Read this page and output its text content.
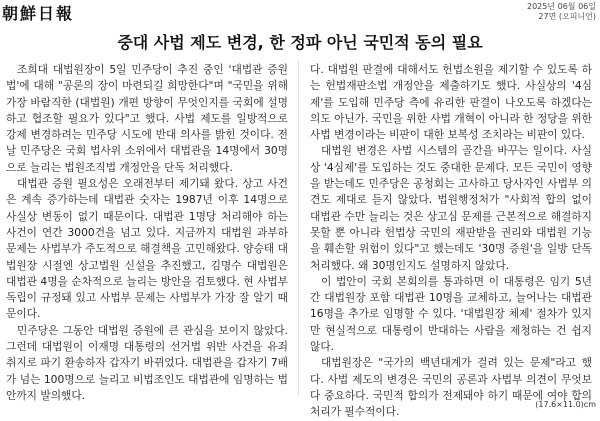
朝鮮日報	2025년 06월 06일
27면 (오피니언)
중대 사법 제도 변경, 한 정파 아닌 국민적 동의 필요

조희대 대법원장이 5일 민주당이 추진 중인 '대법관 증원법'에 대해 "공론의 장이 마련되길 희망한다"며 "국민을 위해 가장 바람직한 (대법원) 개편 방향이 무엇인지를 국회에 설명하고 협조할 필요가 있다"고 했다. 사법 제도를 일방적으로 강제 변경하려는 민주당 시도에 반대 의사를 밝힌 것이다. 전날 민주당은 국회 법사위 소위에서 대법관을 14명에서 30명으로 늘리는 법원조직법 개정안을 단독 처리했다.

대법관 증원 필요성은 오래전부터 제기돼 왔다. 상고 사건은 계속 증가하는데 대법관 숫자는 1987년 이후 14명으로 사실상 변동이 없기 때문이다. 대법관 1명당 처리해야 하는 사건이 연간 3000건을 넘고 있다. 지금까지 대법원 과부하 문제는 사법부가 주도적으로 해결책을 고민해왔다. 양승태 대법원장 시절엔 상고법원 신설을 추진했고, 김명수 대법원은 대법관 4명을 순차적으로 늘리는 방안을 검토했다. 현 사법부 독립이 규정돼 있고 사법부 문제는 사법부가 가장 잘 알기 때문이다.

민주당은 그동안 대법원 증원에 큰 관심을 보이지 않았다. 그런데 대법원이 이재명 대통령의 선거법 위반 사건을 유죄 취지로 파기 환송하자 갑자기 바뀌었다. 대법관을 갑자기 7배가 넘는 100명으로 늘리고 비법조인도 대법관에 임명하는 법안까지 발의했다.

다. 대법원 판결에 대해서도 헌법소원을 제기할 수 있도록 하는 헌법재판소법 개정안을 제출하기도 했다. 사실상의 '4심제'를 도입해 민주당 측에 유리한 판결이 나오도록 하겠다는 의도 아닌가. 국민을 위한 사법 개혁이 아니라 한 정당을 위한 사법 변경이라는 비판이 대한 보복성 조치라는 비판이 있다.

대법원 변경은 사법 시스템의 골간을 바꾸는 일이다. 사실상 '4심제'를 도입하는 것도 중대한 문제다. 모든 국민이 영향을 받는데도 민주당은 공청회는 고사하고 당사자인 사법부 의견도 제대로 듣지 않았다. 법원행정처가 "사회적 합의 없이 대법관 수만 늘리는 것은 상고심 문제를 근본적으로 해결하지 못할 뿐 아니라 헌법상 국민의 재판받을 권리와 대법원 기능을 훼손할 위험이 있다"고 했는데도 '30명 증원'을 일방 단독 처리했다. 왜 30명인지도 설명하지 않았다.

이 법안이 국회 본회의를 통과하면 이 대통령은 임기 5년간 대법원장 포함 대법관 10명을 교체하고, 늘어나는 대법관 16명을 추가로 임명할 수 있다. '대법원장 체제' 절차가 있지만 현실적으로 대통령이 반대하는 사람을 제청하는 건 쉽지 않다.

대법원장은 "국가의 백년대계가 걸려 있는 문제"라고 했다. 사법 제도의 변경은 국민의 공론과 사법부 의견이 무엇보다 중요하다. 국민적 합의가 전제돼야 하기 때문에 여야 합의 처리가 필수적이다.

(17.6×11.0)cm
